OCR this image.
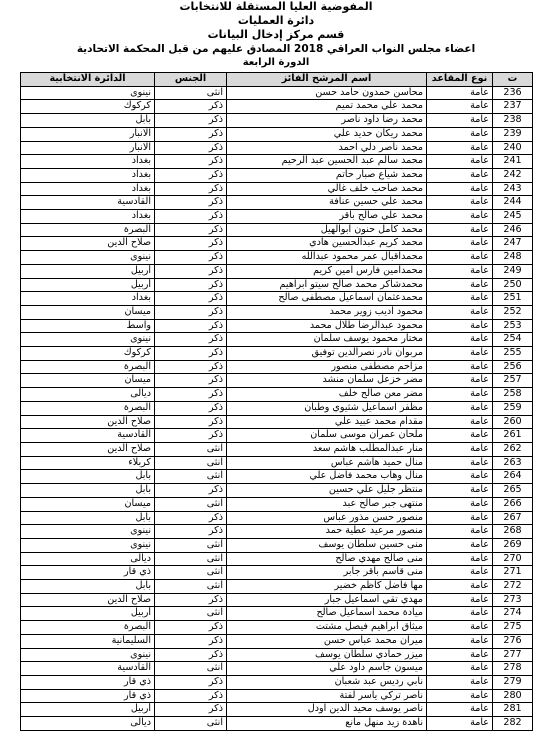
المفوضية العليا المستقلة للانتخابات
دائرة العمليات
قسم مركز إدخال البيانات
اعضاء مجلس النواب العراقي 2018 المصادق عليهم من قبل المحكمة الاتحادية
الدورة الرابعة
ت	نوع المقاعد	اسم المرشح الفائز	الجنس	الدائرة الانتخابية
236	عامة	محاسن حمدون حامد حسن	انثى	نينوى
237	عامة	محمد علي محمد تميم	ذكر	كركوك
238	عامة	محمد رضا داود ناصر	ذكر	بابل
239	عامة	محمد ريكان حديد علي	ذكر	الانبار
240	عامة	محمد ناصر دلي احمد	ذكر	الانبار
241	عامة	محمد سالم عبد الحسين عبد الرحيم	ذكر	بغداد
242	عامة	محمد شياع صبار حاتم	ذكر	بغداد
243	عامة	محمد صاحب خلف غالي	ذكر	بغداد
244	عامة	محمد علي حسين عنافة	ذكر	القادسية
245	عامة	محمد علي صالح باقر	ذكر	بغداد
246	عامة	محمد كامل حنون ابوالهيل	ذكر	البصرة
247	عامة	محمد كريم عبدالحسين هادي	ذكر	صلاح الدين
248	عامة	محمداقبال عمر محمود عبدالله	ذكر	نينوى
249	عامة	محمدامين فارس امين كريم	ذكر	أربيل
250	عامة	محمدشاكر محمد صالح سيتو ابراهيم	ذكر	أربيل
251	عامة	محمدعثمان اسماعيل مصطفى صالح	ذكر	بغداد
252	عامة	محمود اديب زوير محمد	ذكر	ميسان
253	عامة	محمود عبدالرضا طلال محمد	ذكر	واسط
254	عامة	مختار محمود يوسف سلمان	ذكر	نينوى
255	عامة	مربوان نادر نصرالدين توفيق	ذكر	كركوك
256	عامة	مزاحم مصطفى منصور	ذكر	البصرة
257	عامة	مضر خزعل سلمان منشد	ذكر	ميسان
258	عامة	مضر معن صالح خلف	ذكر	ديالى
259	عامة	مظفر اسماعيل شثيوي وطبان	ذكر	البصرة
260	عامة	مقدام محمد عبيد علي	ذكر	صلاح الدين
261	عامة	ملحان عمران موسى سلمان	ذكر	القادسية
262	عامة	منار عبدالمطلب هاشم سعد	انثى	صلاح الدين
263	عامة	منال حميد هاشم عباس	انثى	كربلاء
264	عامة	منال وهاب محمد فاضل علي	انثى	بابل
265	عامة	منتظر جليل علي حسين	ذكر	بابل
266	عامة	منتهى جبر صالح عبد	انثى	ميسان
267	عامة	منصور حسن مذور عباس	ذكر	بابل
268	عامة	منصور مرعيد عطية حمد	ذكر	نينوى
269	عامة	منى حسين سلطان يوسف	انثى	نينوى
270	عامة	منى صالح مهدي صالح	انثى	ديالى
271	عامة	منى قاسم باقر جابر	انثى	ذي قار
272	عامة	مها فاضل كاظم خضير	انثى	بابل
273	عامة	مهدي تقي اسماعيل جبار	ذكر	صلاح الدين
274	عامة	ميادة محمد اسماعيل صالح	انثى	أربيل
275	عامة	ميثاق ابراهيم فيصل مشتت	ذكر	البصرة
276	عامة	ميران محمد عباس حسن	ذكر	السليمانية
277	عامة	ميزر حمادي سلطان يوسف	ذكر	نينوى
278	عامة	ميسون جاسم داود علي	انثى	القادسية
279	عامة	نابي رديس عبد شعبان	ذكر	ذي قار
280	عامة	ناصر تركي ياسر لفتة	ذكر	ذي قار
281	عامة	ناصر يوسف محيد الدين اودل	ذكر	أربيل
282	عامة	ناهدة زيد منهل مانع	انثى	ديالى
